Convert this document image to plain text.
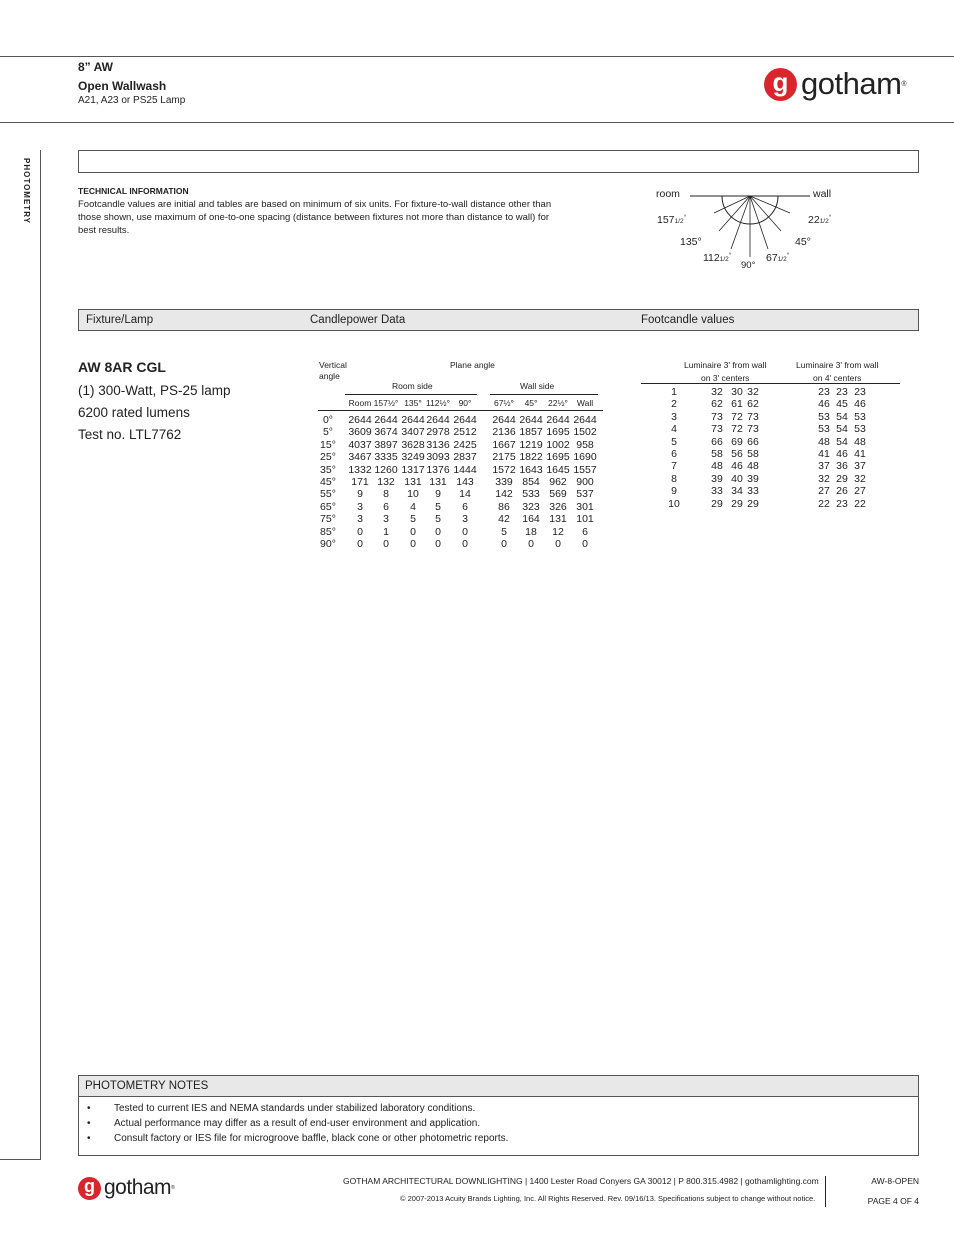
8” AW
Open Wallwash
A21, A23 or PS25 Lamp
g gotham ®
PHOTOMETRY	TECHNICAL INFORMATION
Footcandle values are initial and tables are based on minimum of six units. For fixture-to-wall distance other than those shown, use maximum of one-to-one spacing (distance between fixtures not more than distance to wall) for best results.
room	wall
1571/2°
135°
1121/2°
90°
671/2°
45°
221/2°
Fixture/Lamp	Candlepower Data	Footcandle values
AW 8AR CGL
(1) 300-Watt, PS-25 lamp
6200 rated lumens
Test no. LTL7762
Vertical
angle
Plane angle
Room side	Wall side
Room 157½° 135° 112½°	90°	67½°	45°	22½°	Wall
0°	2644 2644 2644 2644 2644	2644 2644 2644 2644
5°	3609 3674 3407 2978 2512	2136 1857 1695 1502
15°	4037 3897 3628 3136 2425	1667 1219 1002 958
25°	3467 3335 3249 3093 2837	2175 1822 1695 1690
35°	1332 1260 1317 1376 1444	1572 1643 1645 1557
45°	171 132 131 131 143	339 854 962 900
55°	9	8	10	9	14	142 533 569 537
65°	3	6	4	5	6	86	323 326 301
75°	3	3	5	5	3	42	164 131 101
85°	0	1	0	0	0	5	18	12	6
90°	0	0	0	0	0	0	0	0	0
Luminaire 3' from wall
on 3' centers
Luminaire 3' from wall
on 4' centers
1	32 30 32	23 23 23
2	62 61 62	46 45 46
3	73 72 73	53 54 53
4	73 72 73	53 54 53
5	66 69 66	48 54 48
6	58 56 58	41 46 41
7	48 46 48	37 36 37
8	39 40 39	32 29 32
9	33 34 33	27 26 27
10	29 29 29	22 23 22
PHOTOMETRY NOTES
• Tested to current IES and NEMA standards under stabilized laboratory conditions.
• Actual performance may differ as a result of end-user environment and application.
• Consult factory or IES file for microgroove baffle, black cone or other photometric reports.
g gotham ®
GOTHAM ARCHITECTURAL DOWNLIGHTING | 1400 Lester Road Conyers GA 30012 | P 800.315.4982 | gothamlighting.com
© 2007-2013 Acuity Brands Lighting, Inc. All Rights Reserved. Rev. 09/16/13. Specifications subject to change without notice.
AW-8-OPEN
PAGE 4 OF 4
